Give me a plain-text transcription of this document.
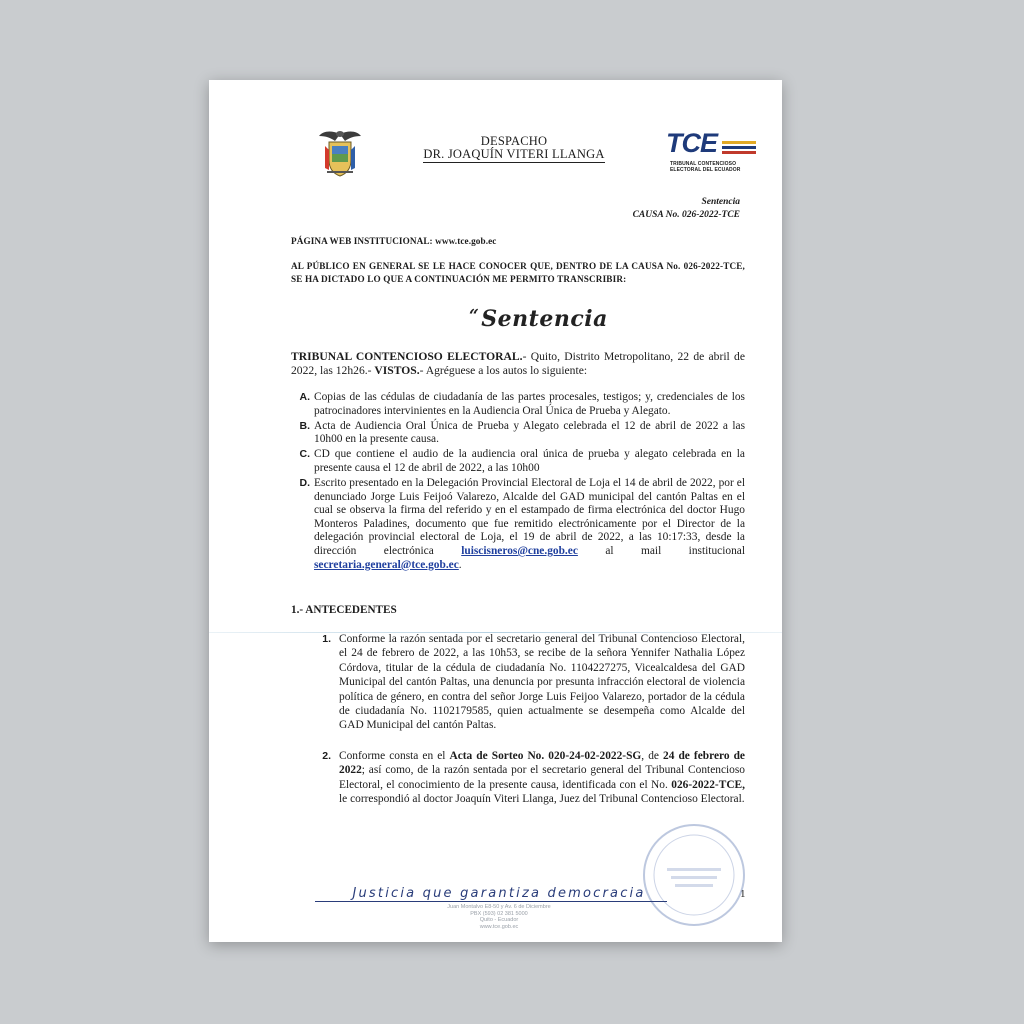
DESPACHO
DR. JOAQUÍN VITERI LLANGA	TCE
TRIBUNAL CONTENCIOSO
ELECTORAL DEL ECUADOR
Sentencia
CAUSA No. 026-2022-TCE
PÁGINA WEB INSTITUCIONAL: www.tce.gob.ec
AL PÚBLICO EN GENERAL SE LE HACE CONOCER QUE, DENTRO DE LA CAUSA No. 026-2022-TCE, SE HA DICTADO LO QUE A CONTINUACIÓN ME PERMITO TRANSCRIBIR:
“Sentencia
TRIBUNAL CONTENCIOSO ELECTORAL.- Quito, Distrito Metropolitano, 22 de abril de 2022, las 12h26.- VISTOS.- Agréguese a los autos lo siguiente:
A. Copias de las cédulas de ciudadanía de las partes procesales, testigos; y, credenciales de los patrocinadores intervinientes en la Audiencia Oral Única de Prueba y Alegato.
B. Acta de Audiencia Oral Única de Prueba y Alegato celebrada el 12 de abril de 2022 a las 10h00 en la presente causa.
C. CD que contiene el audio de la audiencia oral única de prueba y alegato celebrada en la presente causa el 12 de abril de 2022, a las 10h00
D. Escrito presentado en la Delegación Provincial Electoral de Loja el 14 de abril de 2022, por el denunciado Jorge Luis Feijoó Valarezo, Alcalde del GAD municipal del cantón Paltas en el cual se observa la firma del referido y en el estampado de firma electrónica del doctor Hugo Monteros Paladines, documento que fue remitido electrónicamente por el Director de la delegación provincial electoral de Loja, el 19 de abril de 2022, a las 10:17:33, desde la dirección electrónica luiscisneros@cne.gob.ec al mail institucional secretaria.general@tce.gob.ec.
1.- ANTECEDENTES
1. Conforme la razón sentada por el secretario general del Tribunal Contencioso Electoral, el 24 de febrero de 2022, a las 10h53, se recibe de la señora Yennifer Nathalia López Córdova, titular de la cédula de ciudadanía No. 1104227275, Vicealcaldesa del GAD Municipal del cantón Paltas, una denuncia por presunta infracción electoral de violencia política de género, en contra del señor Jorge Luis Feijoo Valarezo, portador de la cédula de ciudadanía No. 1102179585, quien actualmente se desempeña como Alcalde del GAD Municipal del cantón Paltas.
2. Conforme consta en el Acta de Sorteo No. 020-24-02-2022-SG, de 24 de febrero de 2022; así como, de la razón sentada por el secretario general del Tribunal Contencioso Electoral, el conocimiento de la presente causa, identificada con el No. 026-2022-TCE, le correspondió al doctor Joaquín Viteri Llanga, Juez del Tribunal Contencioso Electoral.
Justicia que garantiza democracia
Juan Montalvo E8-50 y Av. 6 de Diciembre
PBX (593) 02 381 5000
Quito - Ecuador
www.tce.gob.ec
1
